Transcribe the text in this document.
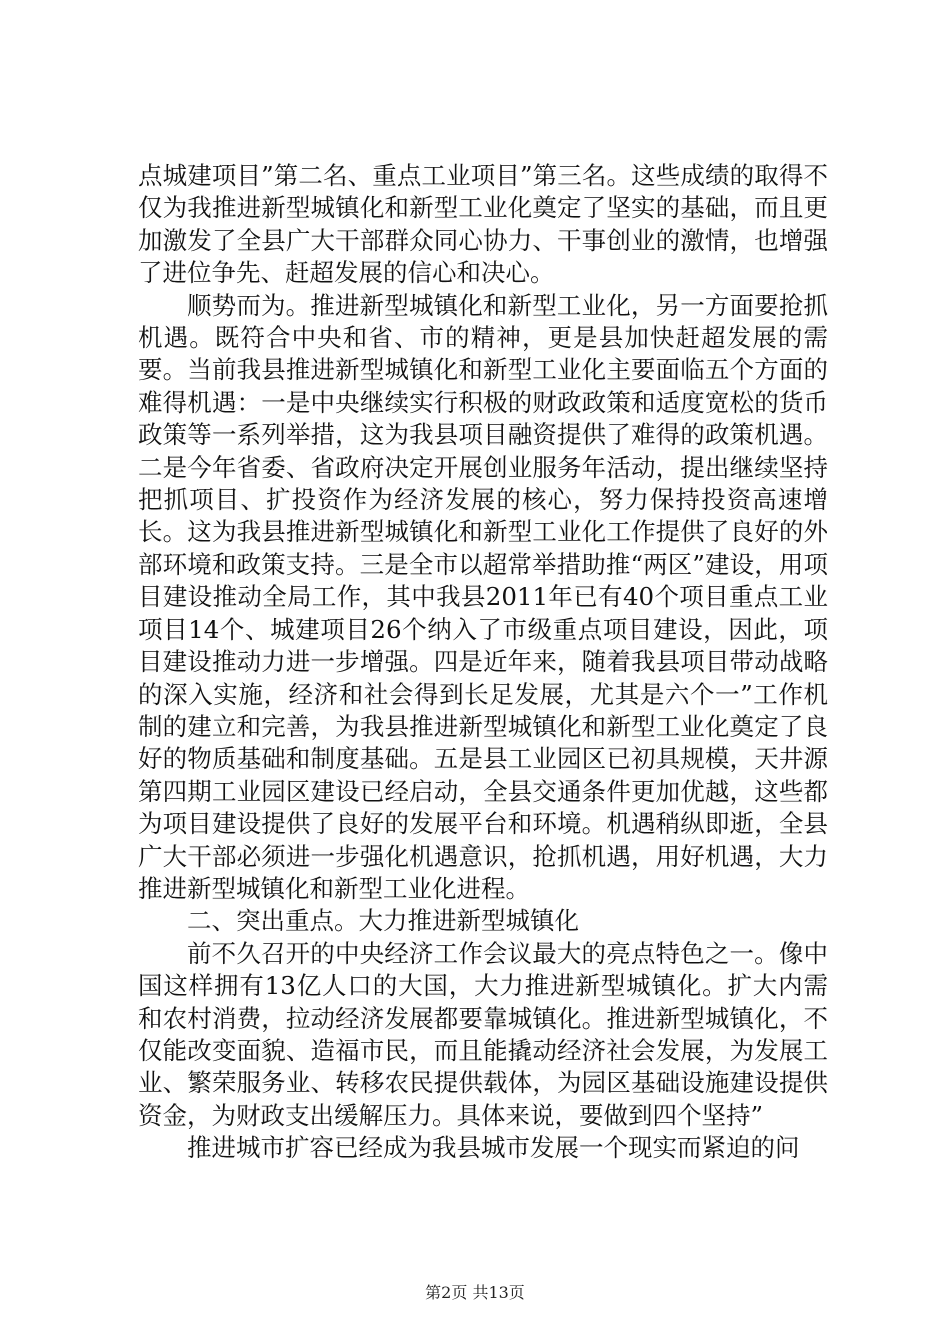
点城建项目”第二名、重点工业项目”第三名。这些成绩的取得不仅为我推进新型城镇化和新型工业化奠定了坚实的基础，而且更加激发了全县广大干部群众同心协力、干事创业的激情，也增强了进位争先、赶超发展的信心和决心。

顺势而为。推进新型城镇化和新型工业化，另一方面要抢抓机遇。既符合中央和省、市的精神，更是县加快赶超发展的需要。当前我县推进新型城镇化和新型工业化主要面临五个方面的难得机遇：一是中央继续实行积极的财政政策和适度宽松的货币政策等一系列举措，这为我县项目融资提供了难得的政策机遇。二是今年省委、省政府决定开展创业服务年活动，提出继续坚持把抓项目、扩投资作为经济发展的核心，努力保持投资高速增长。这为我县推进新型城镇化和新型工业化工作提供了良好的外部环境和政策支持。三是全市以超常举措助推“两区”建设，用项目建设推动全局工作，其中我县2011年已有40个项目重点工业项目14个、城建项目26个纳入了市级重点项目建设，因此，项目建设推动力进一步增强。四是近年来，随着我县项目带动战略的深入实施，经济和社会得到长足发展，尤其是六个一”工作机制的建立和完善，为我县推进新型城镇化和新型工业化奠定了良好的物质基础和制度基础。五是县工业园区已初具规模，天井源第四期工业园区建设已经启动，全县交通条件更加优越，这些都为项目建设提供了良好的发展平台和环境。机遇稍纵即逝，全县广大干部必须进一步强化机遇意识，抢抓机遇，用好机遇，大力推进新型城镇化和新型工业化进程。

二、突出重点。大力推进新型城镇化

前不久召开的中央经济工作会议最大的亮点特色之一。像中国这样拥有13亿人口的大国，大力推进新型城镇化。扩大内需和农村消费，拉动经济发展都要靠城镇化。推进新型城镇化，不仅能改变面貌、造福市民，而且能撬动经济社会发展，为发展工业、繁荣服务业、转移农民提供载体，为园区基础设施建设提供资金，为财政支出缓解压力。具体来说，要做到四个坚持”

推进城市扩容已经成为我县城市发展一个现实而紧迫的问

第2页 共13页
